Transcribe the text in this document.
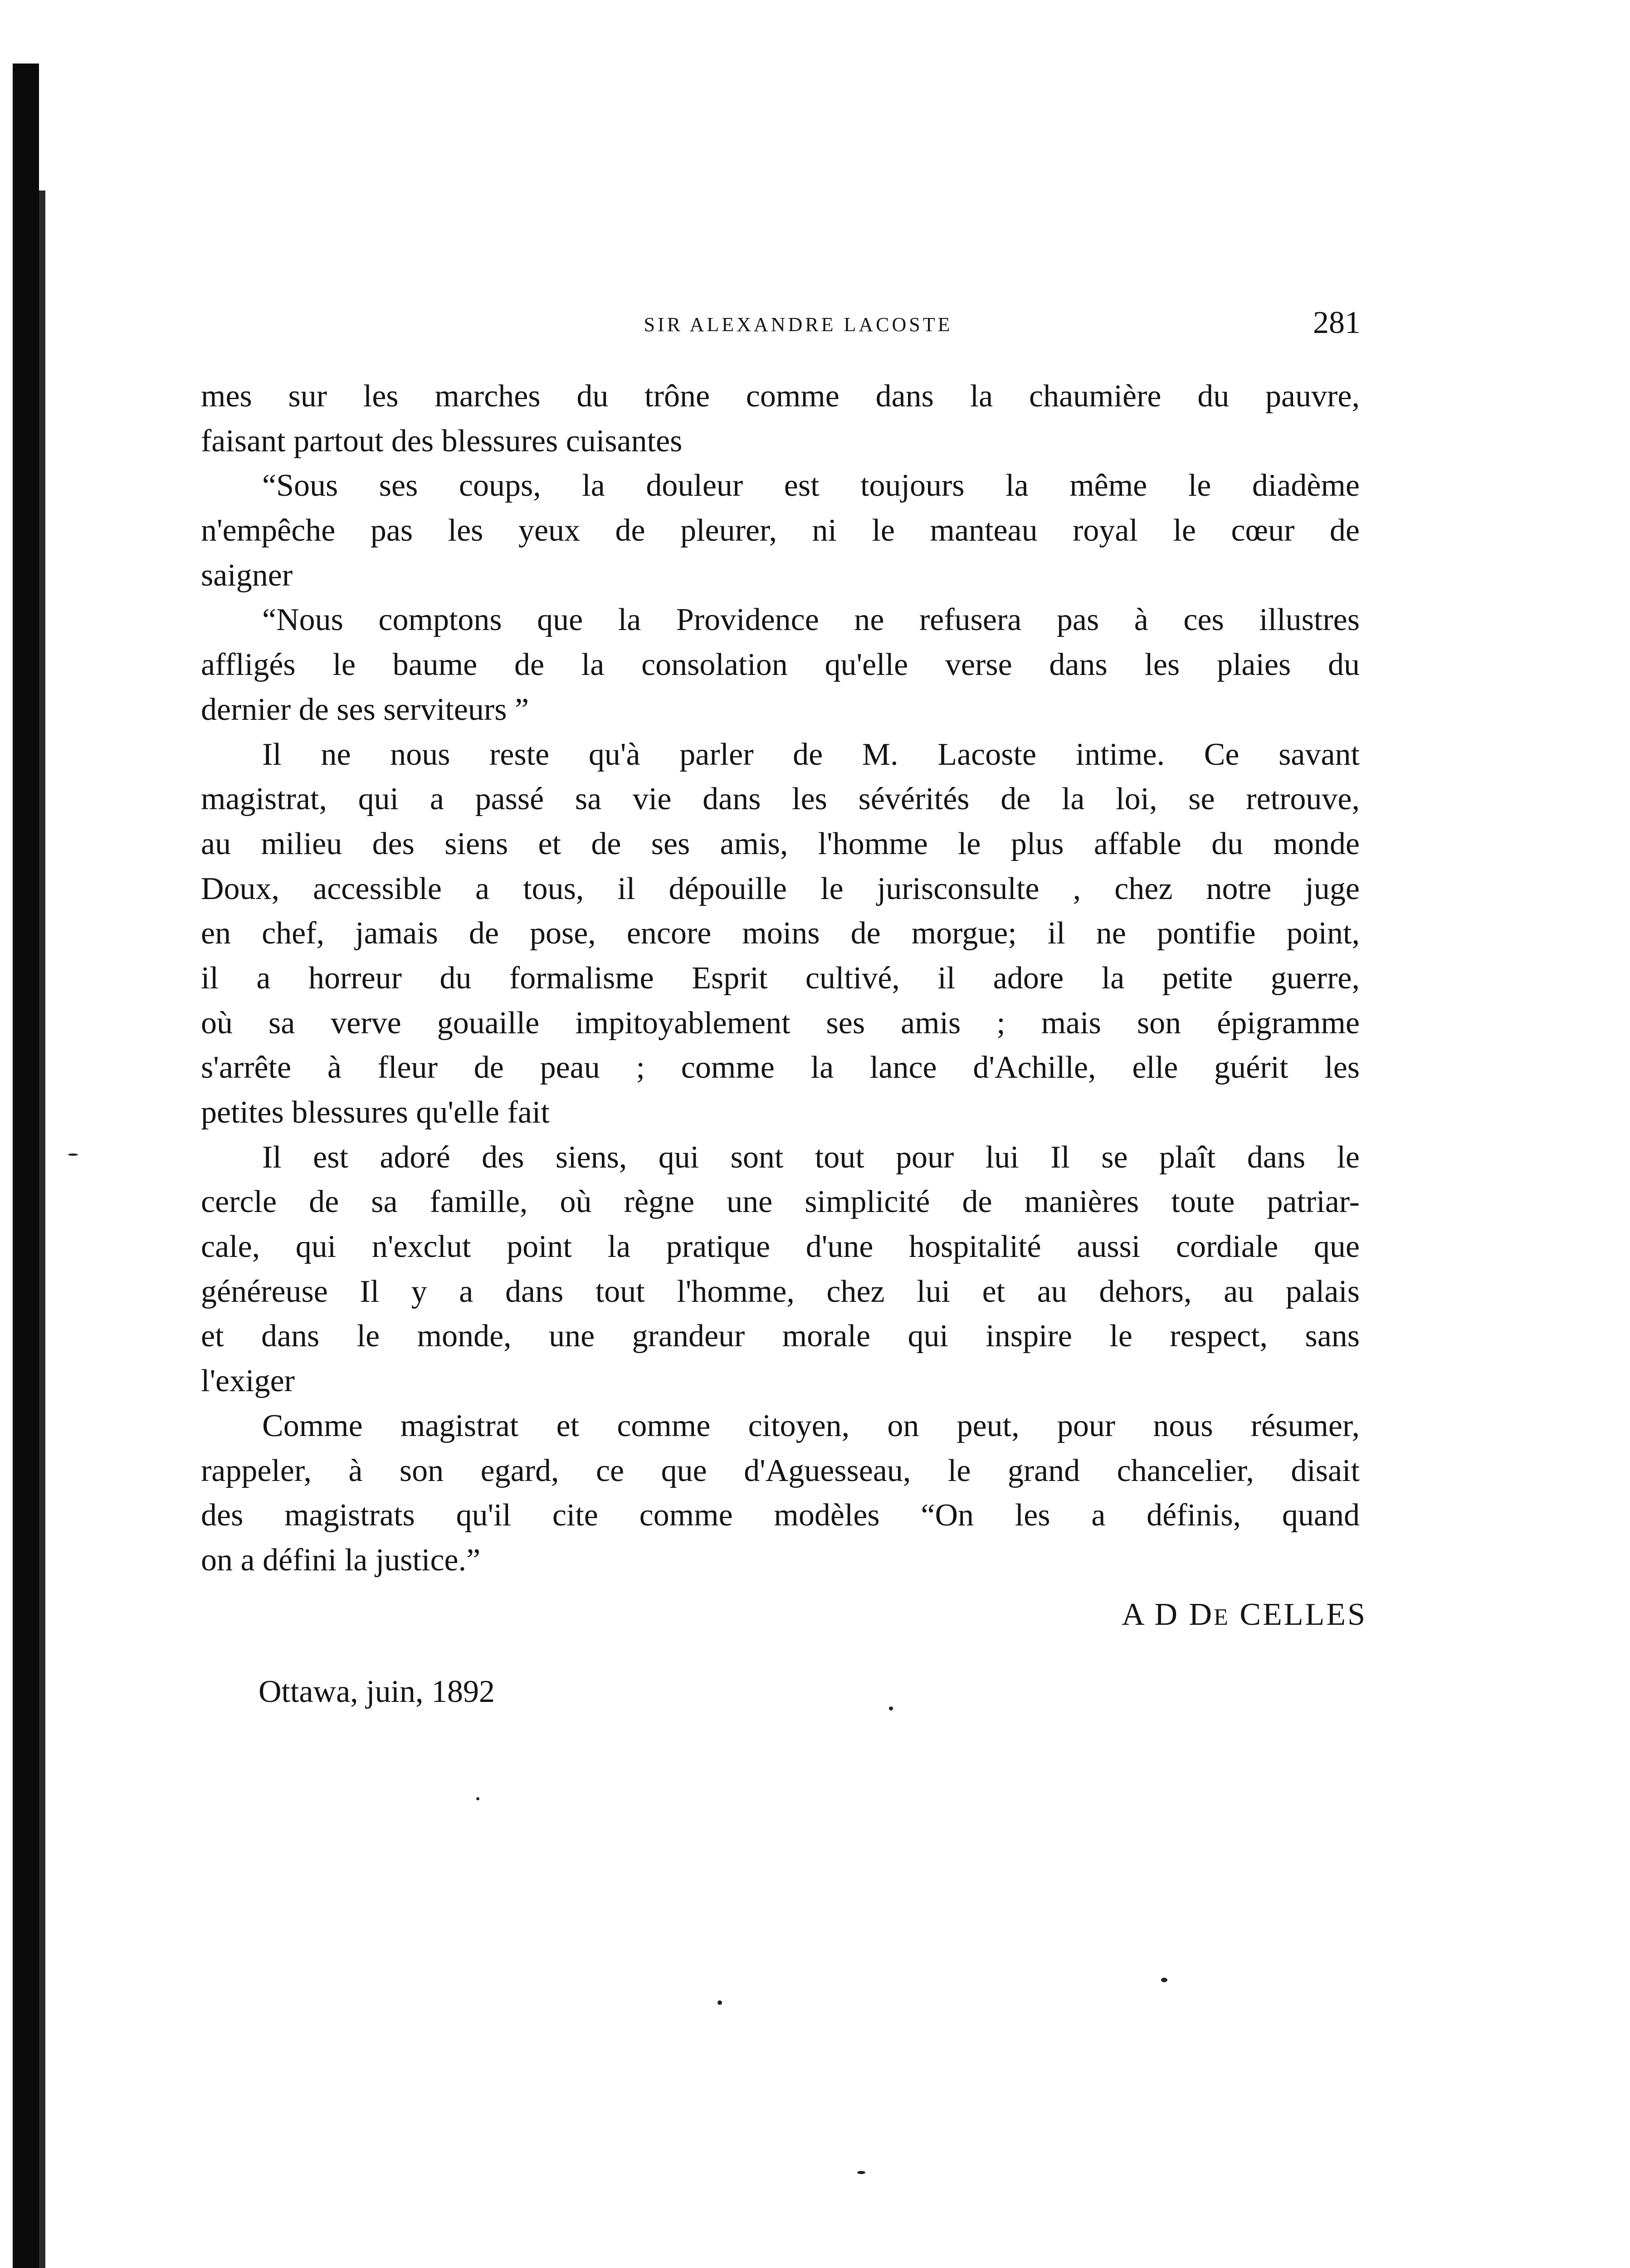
SIR ALEXANDRE LACOSTE	281
mes sur les marches du trône comme dans la chaumière du pauvre,
faisant partout des blessures cuisantes
“Sous ses coups, la douleur est toujours la même le diadème
n'empêche pas les yeux de pleurer, ni le manteau royal le cœur de
saigner
“Nous comptons que la Providence ne refusera pas à ces illustres
affligés le baume de la consolation qu'elle verse dans les plaies du
dernier de ses serviteurs ”
Il ne nous reste qu'à parler de M. Lacoste intime. Ce savant
magistrat, qui a passé sa vie dans les sévérités de la loi, se retrouve,
au milieu des siens et de ses amis, l'homme le plus affable du monde
Doux, accessible a tous, il dépouille le jurisconsulte , chez notre juge
en chef, jamais de pose, encore moins de morgue; il ne pontifie point,
il a horreur du formalisme Esprit cultivé, il adore la petite guerre,
où sa verve gouaille impitoyablement ses amis ; mais son épigramme
s'arrête à fleur de peau ; comme la lance d'Achille, elle guérit les
petites blessures qu'elle fait
Il est adoré des siens, qui sont tout pour lui Il se plaît dans le
cercle de sa famille, où règne une simplicité de manières toute patriar-
cale, qui n'exclut point la pratique d'une hospitalité aussi cordiale que
généreuse Il y a dans tout l'homme, chez lui et au dehors, au palais
et dans le monde, une grandeur morale qui inspire le respect, sans
l'exiger
Comme magistrat et comme citoyen, on peut, pour nous résumer,
rappeler, à son egard, ce que d'Aguesseau, le grand chancelier, disait
des magistrats qu'il cite comme modèles “On les a définis, quand
on a défini la justice.”
A D DE CELLES
Ottawa, juin, 1892
